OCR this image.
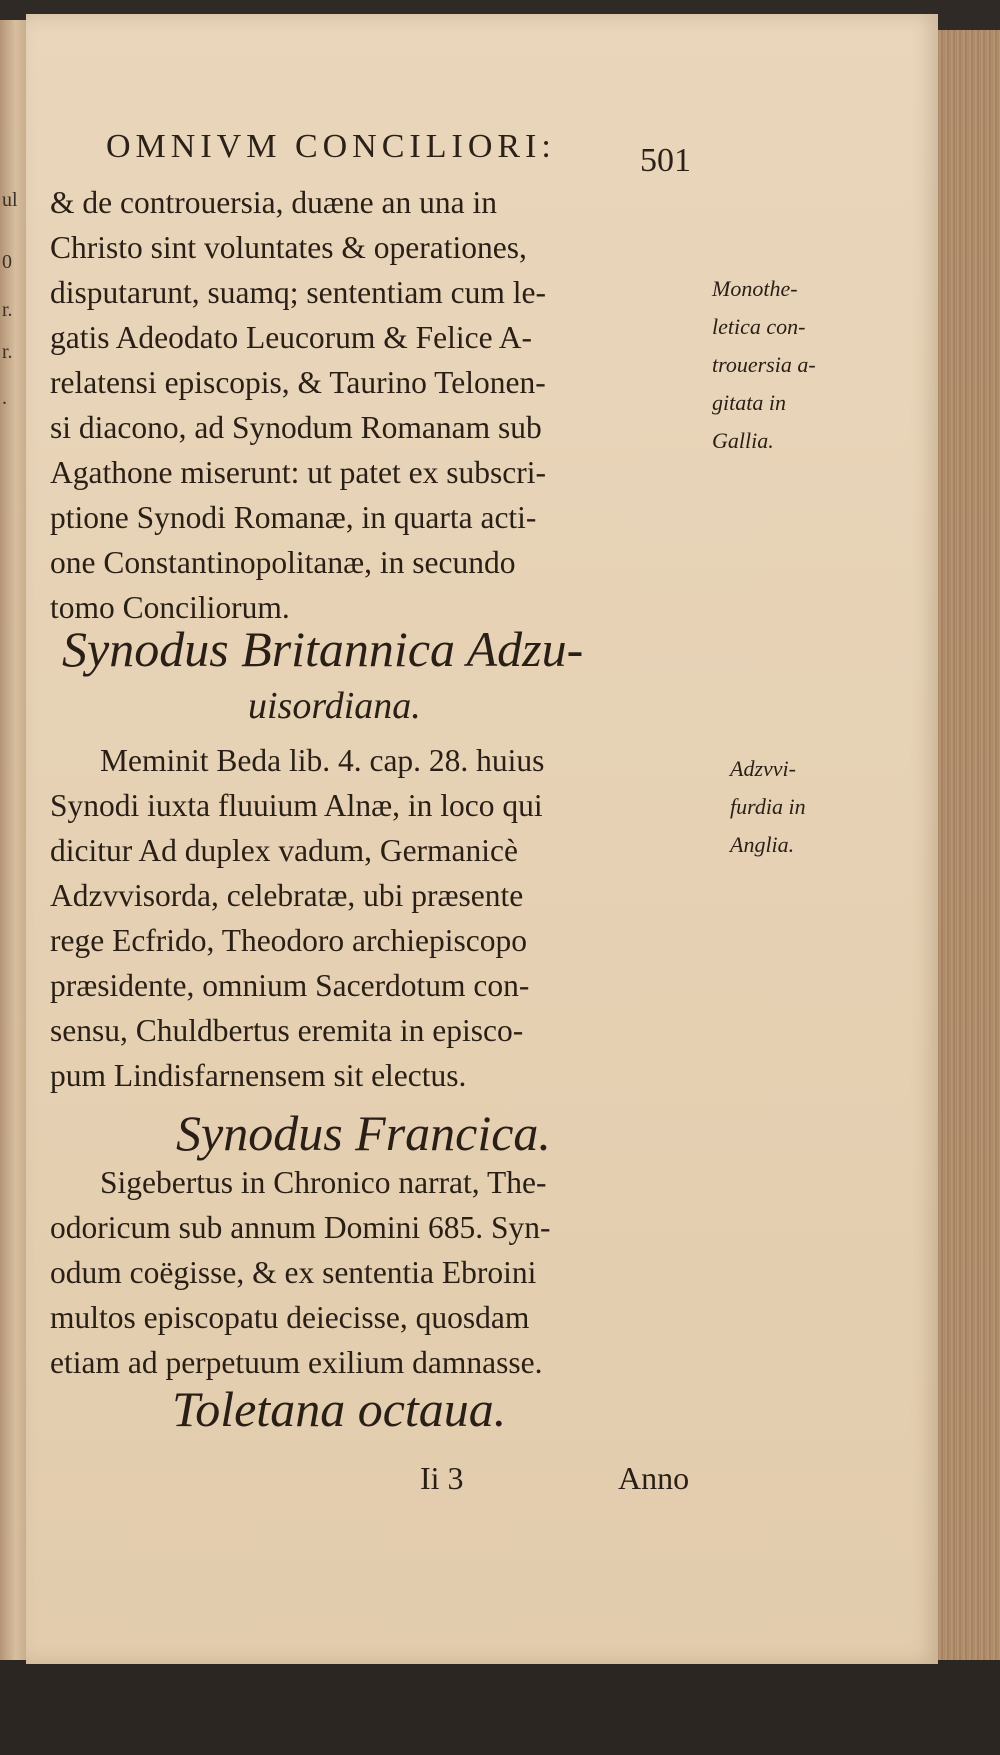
ul
0
r.
r.
.
OMNIVM CONCILIORI:	501
& de controuersia, duæne an una in
Christo sint voluntates & operationes,
disputarunt, suamq; sententiam cum le-
gatis Adeodato Leucorum & Felice A-
relatensi episcopis, & Taurino Telonen-
si diacono, ad Synodum Romanam sub
Agathone miserunt: ut patet ex subscri-
ptione Synodi Romanæ, in quarta acti-
one Constantinopolitanæ, in secundo
tomo Conciliorum.
Monothe-
letica con-
trouersia a-
gitata in
Gallia.
Synodus Britannica Adzu-
uisordiana.
Meminit Beda lib. 4. cap. 28. huius
Synodi iuxta fluuium Alnæ, in loco qui
dicitur Ad duplex vadum, Germanicè
Adzvvisorda, celebratæ, ubi præsente
rege Ecfrido, Theodoro archiepiscopo
præsidente, omnium Sacerdotum con-
sensu, Chuldbertus eremita in episco-
pum Lindisfarnensem sit electus.
Adzvvi-
furdia in
Anglia.
Synodus Francica.
Sigebertus in Chronico narrat, The-
odoricum sub annum Domini 685. Syn-
odum coëgisse, & ex sententia Ebroini
multos episcopatu deiecisse, quosdam
etiam ad perpetuum exilium damnasse.
Toletana octaua.
Ii 3	Anno
